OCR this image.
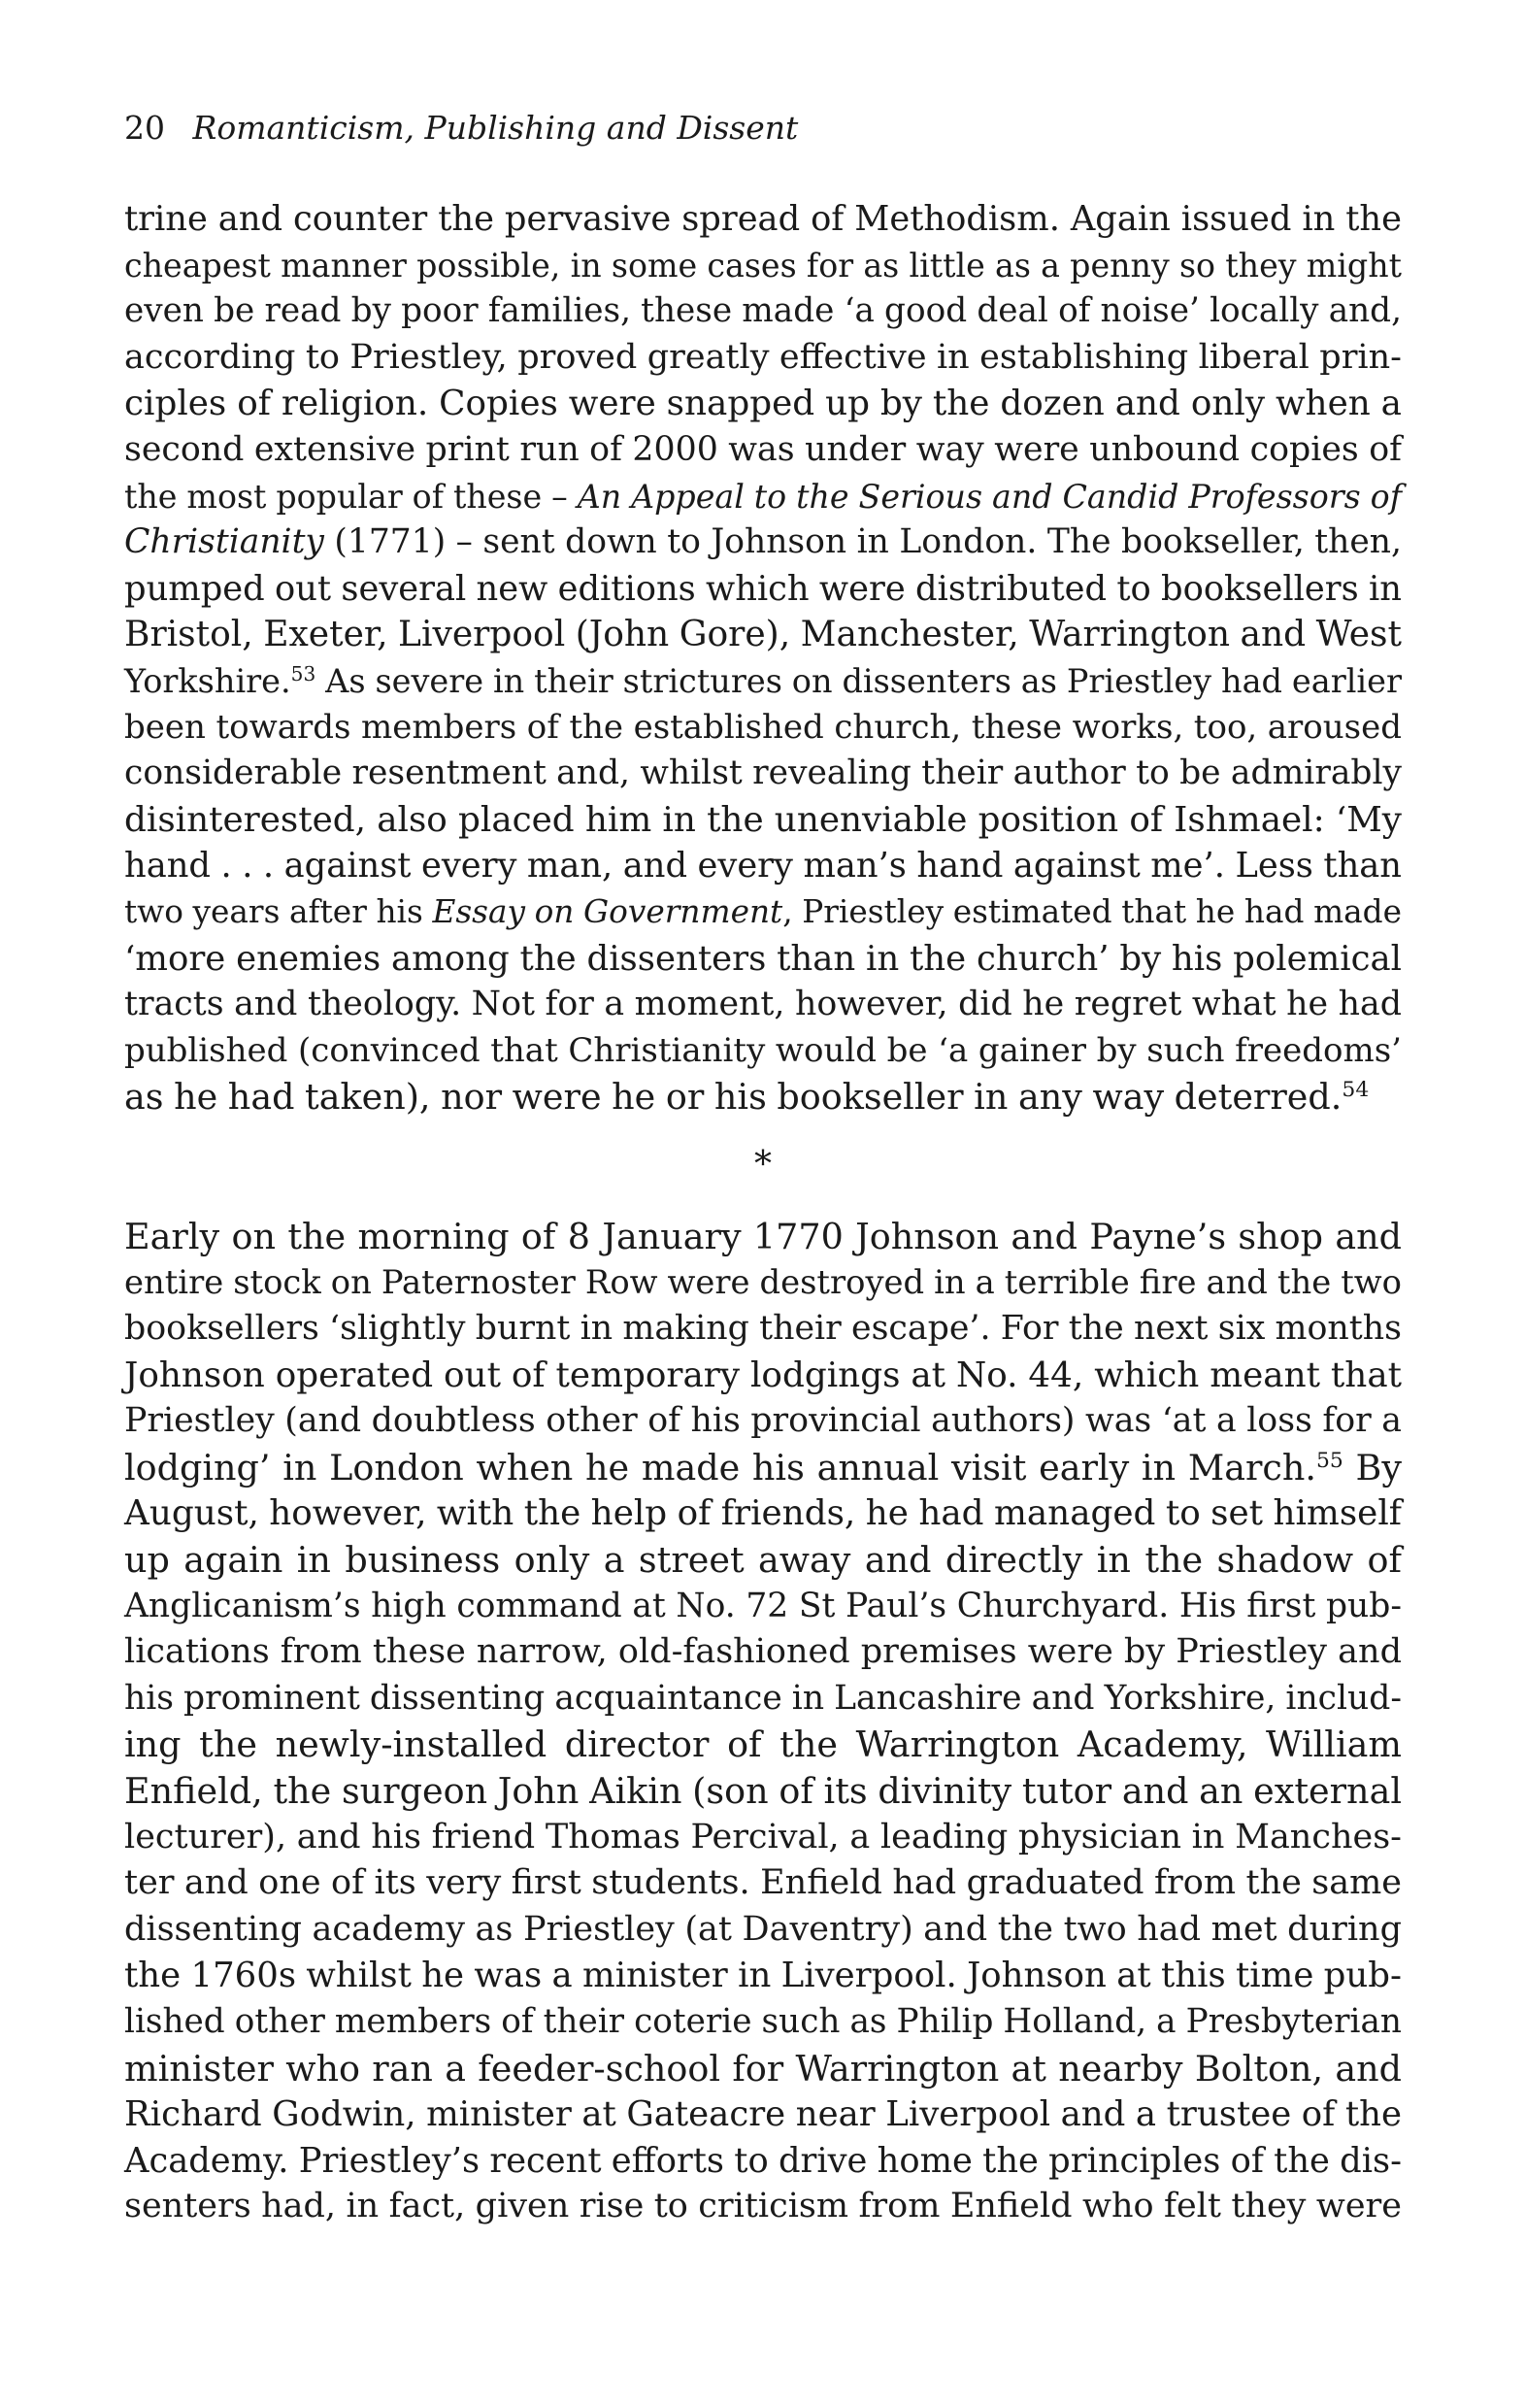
20 Romanticism, Publishing and Dissent

trine and counter the pervasive spread of Methodism. Again issued in the
cheapest manner possible, in some cases for as little as a penny so they might
even be read by poor families, these made ‘a good deal of noise’ locally and,
according to Priestley, proved greatly effective in establishing liberal prin-
ciples of religion. Copies were snapped up by the dozen and only when a
second extensive print run of 2000 was under way were unbound copies of
the most popular of these – An Appeal to the Serious and Candid Professors of
Christianity (1771) – sent down to Johnson in London. The bookseller, then,
pumped out several new editions which were distributed to booksellers in
Bristol, Exeter, Liverpool (John Gore), Manchester, Warrington and West
Yorkshire.$^{53}$ As severe in their strictures on dissenters as Priestley had earlier
been towards members of the established church, these works, too, aroused
considerable resentment and, whilst revealing their author to be admirably
disinterested, also placed him in the unenviable position of Ishmael: ‘My
hand . . . against every man, and every man’s hand against me’. Less than
two years after his Essay on Government, Priestley estimated that he had made
‘more enemies among the dissenters than in the church’ by his polemical
tracts and theology. Not for a moment, however, did he regret what he had
published (convinced that Christianity would be ‘a gainer by such freedoms’
as he had taken), nor were he or his bookseller in any way deterred.$^{54}$

*

Early on the morning of 8 January 1770 Johnson and Payne’s shop and
entire stock on Paternoster Row were destroyed in a terrible fire and the two
booksellers ‘slightly burnt in making their escape’. For the next six months
Johnson operated out of temporary lodgings at No. 44, which meant that
Priestley (and doubtless other of his provincial authors) was ‘at a loss for a
lodging’ in London when he made his annual visit early in March.$^{55}$ By
August, however, with the help of friends, he had managed to set himself
up again in business only a street away and directly in the shadow of
Anglicanism’s high command at No. 72 St Paul’s Churchyard. His first pub-
lications from these narrow, old-fashioned premises were by Priestley and
his prominent dissenting acquaintance in Lancashire and Yorkshire, includ-
ing the newly-installed director of the Warrington Academy, William
Enfield, the surgeon John Aikin (son of its divinity tutor and an external
lecturer), and his friend Thomas Percival, a leading physician in Manches-
ter and one of its very first students. Enfield had graduated from the same
dissenting academy as Priestley (at Daventry) and the two had met during
the 1760s whilst he was a minister in Liverpool. Johnson at this time pub-
lished other members of their coterie such as Philip Holland, a Presbyterian
minister who ran a feeder-school for Warrington at nearby Bolton, and
Richard Godwin, minister at Gateacre near Liverpool and a trustee of the
Academy. Priestley’s recent efforts to drive home the principles of the dis-
senters had, in fact, given rise to criticism from Enfield who felt they were
